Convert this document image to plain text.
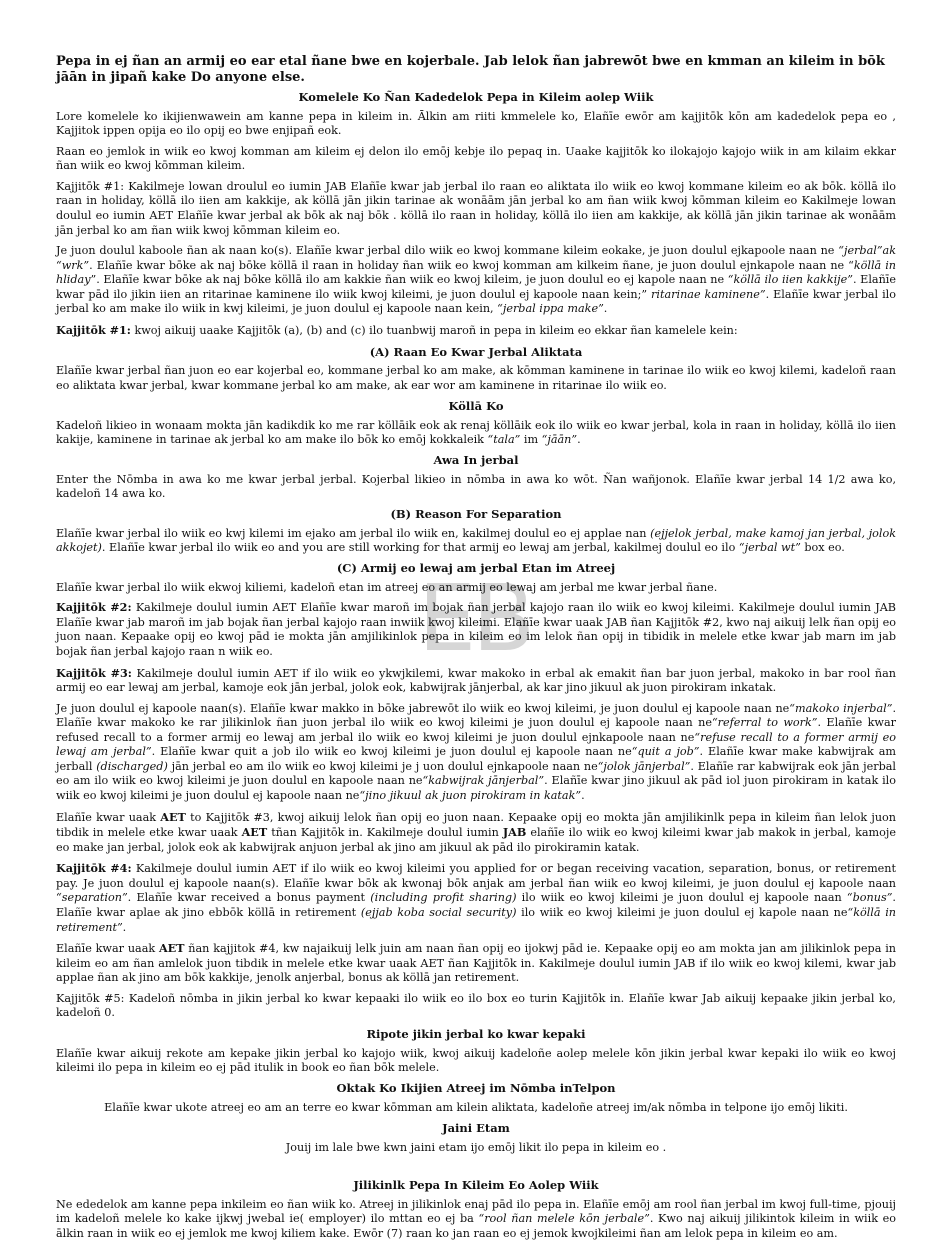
EB
Pepa in ej ñan an armij eo ear etal ñane bwe en kojerbale. Jab lelok ñan jabrewōt bwe en kmman an kileim in bōk jāān in jipañ kake Do anyone else.
Komelele Ko Ñan Kadedelok Pepa in Kileim aolep Wiik

Lore komelele ko ikijienwawein am kanne pepa in kileim in. Ālkin am riiti kmmelele ko, Elañīe ewōr am kajjitōk kōn am kadedelok pepa eo , Kajjitok ippen opija eo ilo opij eo bwe enjipañ eok.

Raan eo jemlok in wiik eo kwoj komman am kileim ej delon ilo emōj kebje ilo pepaq in. Uaake kajjitōk ko ilokajojo kajojo wiik in am kilaim ekkar ñan wiik eo kwoj kōmman kileim.

Kajjitōk #1: Kakilmeje lowan droulul eo iumin JAB Elañīe kwar jab jerbal ilo raan eo aliktata ilo wiik eo kwoj kommane kileim eo ak bōk. köllā ilo raan in holiday, köllā ilo iien am kakkije, ak köllā jān jikin tarinae ak wonāām jān jerbal ko am ñan wiik kwoj kōmman kileim eo Kakilmeje lowan doulul eo iumin AET Elañīe kwar jerbal ak bōk ak naj bōk . köllā ilo raan in holiday, köllā ilo iien am kakkije, ak köllā jān jikin tarinae ak wonāām jān jerbal ko am ñan wiik kwoj kōmman kileim eo.

Je juon doulul kaboole ñan ak naan ko(s). Elañīe kwar jerbal dilo wiik eo kwoj kommane kileim eokake, je juon doulul ejkapoole naan ne “jerbal”ak “wrk”. Elañīe kwar bōke ak naj bōke köllā il raan in holiday ñan wiik eo kwoj komman am kilkeim ñane, je juon doulul ejnkapole naan ne “köllā in hliday”. Elañīe kwar bōke ak naj bōke köllā ilo am kakkie ñan wiik eo kwoj kileim, je juon doulul eo ej kapole naan ne “köllā ilo iien kakkije”. Elañīe kwar pād ilo jikin iien an ritarinae kaminene ilo wiik kwoj kileimi, je juon doulul ej kapoole naan kein;” ritarinae kaminene”. Elañīe kwar jerbal ilo jerbal ko am make ilo wiik in kwj kileimi, je juon doulul ej kapoole naan kein, “jerbal ippa make”.

Kajjitōk #1: kwoj aikuij uaake Kajjitōk (a), (b) and (c) ilo tuanbwij maroñ in pepa in kileim eo ekkar ñan kamelele kein:

(A) Raan Eo Kwar Jerbal Aliktata

Elañīe kwar jerbal ñan juon eo ear kojerbal eo, kommane jerbal ko am make, ak kōmman kaminene in tarinae ilo wiik eo kwoj kilemi, kadeloñ raan eo aliktata kwar jerbal, kwar kommane jerbal ko am make, ak ear wor am kaminene in ritarinae ilo wiik eo.

Köllā Ko

Kadeloñ likieo in wonaam mokta jān kadikdik ko me rar köllāik eok ak renaj köllāik eok ilo wiik eo kwar jerbal, kola in raan in holiday, köllā ilo iien kakije, kaminene in tarinae ak jerbal ko am make ilo bōk ko emōj kokkaleik “tala” im “jāān”.

Awa In jerbal

Enter the Nōmba in awa ko me kwar jerbal jerbal. Kojerbal likieo in nōmba in awa ko wōt. Ñan wañjonok. Elañīe kwar jerbal 14 1/2 awa ko, kadeloñ 14 awa ko.

(B) Reason For Separation

Elañīe kwar jerbal ilo wiik eo kwj kilemi im ejako am jerbal ilo wiik en, kakilmej doulul eo ej applae nan (ejjelok jerbal, make kamoj jan jerbal, jolok akkojet). Elañīe kwar jerbal ilo wiik eo and you are still working for that armij eo lewaj am jerbal, kakilmej doulul eo ilo “jerbal wt” box eo.

(C) Armij eo lewaj am jerbal Etan im Atreej

Elañīe kwar jerbal ilo wiik ekwoj kiliemi, kadeloñ etan im atreej eo an armij eo lewaj am jerbal me kwar jerbal ñane.

Kajjitōk #2: Kakilmeje doulul iumin AET Elañīe kwar maroñ im bojak ñan jerbal kajojo raan ilo wiik eo kwoj kileimi. Kakilmeje doulul iumin JAB Elañīe kwar jab maroñ im jab bojak ñan jerbal kajojo raan inwiik kwoj kileimi. Elañīe kwar uaak JAB ñan Kajjitōk #2, kwo naj aikuij lelk ñan opij eo juon naan. Kepaake opij eo kwoj pād ie mokta jān amjilikinlok pepa in kileim eo im lelok ñan opij in tibidik in melele etke kwar jab marn im jab bojak ñan jerbal kajojo raan n wiik eo.

Kajjitōk #3: Kakilmeje doulul iumin AET if ilo wiik eo ykwjkilemi, kwar makoko in erbal ak emakit ñan bar juon jerbal, makoko in bar rool ñan armij eo ear lewaj am jerbal, kamoje eok jān jerbal, jolok eok, kabwijrak jānjerbal, ak kar jino jikuul ak juon pirokiram inkatak.

Je juon doulul ej kapoole naan(s). Elañīe kwar makko in bōke jabrewōt ilo wiik eo kwoj kileimi, je juon doulul ej kapoole naan ne“makoko injerbal”. Elañīe kwar makoko ke rar jilikinlok ñan juon jerbal ilo wiik eo kwoj kileimi je juon doulul ej kapoole naan ne“referral to work”. Elañīe kwar refused recall to a former armij eo lewaj am jerbal ilo wiik eo kwoj kileimi je juon doulul ejnkapoole naan ne“refuse recall to a former armij eo lewaj am jerbal”. Elañīe kwar quit a job ilo wiik eo kwoj kileimi je juon doulul ej kapoole naan ne“quit a job”. Elañīe kwar make kabwijrak am jerball (discharged) jān jerbal eo am ilo wiik eo kwoj kileimi je j uon doulul ejnkapoole naan ne“jolok jānjerbal”. Elañīe rar kabwijrak eok jān jerbal eo am ilo wiik eo kwoj kileimi je juon doulul en kapoole naan ne“kabwijrak jānjerbal”. Elañīe kwar jino jikuul ak pād iol juon pirokiram in katak ilo wiik eo kwoj kileimi je juon doulul ej kapoole naan ne“jino jikuul ak juon pirokiram in katak”.

Elañīe kwar uaak AET to Kajjitōk #3, kwoj aikuij lelok ñan opij eo juon naan. Kepaake opij eo mokta jān amjilikinlk pepa in kileim ñan lelok juon tibdik in melele etke kwar uaak AET tñan Kajjitōk in. Kakilmeje doulul iumin JAB elañīe ilo wiik eo kwoj kileimi kwar jab makok in jerbal, kamoje eo make jan jerbal, jolok eok ak kabwijrak anjuon jerbal ak jino am jikuul ak pād ilo pirokiramin katak.

Kajjitōk #4: Kakilmeje doulul iumin AET if ilo wiik eo kwoj kileimi you applied for or began receiving vacation, separation, bonus, or retirement pay. Je juon doulul ej kapoole naan(s). Elañīe kwar bōk ak kwonaj bōk anjak am jerbal ñan wiik eo kwoj kileimi, je juon doulul ej kapoole naan “separation”. Elañīe kwar received a bonus payment (including profit sharing) ilo wiik eo kwoj kileimi je juon doulul ej kapoole naan “bonus”. Elañīe kwar aplae ak jino ebbōk köllā in retirement (ejjab koba social security) ilo wiik eo kwoj kileimi je juon doulul ej kapole naan ne“köllā in retirement”.

Elañīe kwar uaak AET ñan kajjitok #4, kw najaikuij lelk juin am naan ñan opij eo ijokwj pād ie. Kepaake opij eo am mokta jan am jilikinlok pepa in kileim eo am ñan amlelok juon tibdik in melele etke kwar uaak AET ñan Kajjitōk in. Kakilmeje doulul iumin JAB if ilo wiik eo kwoj kilemi, kwar jab applae ñan ak jino am bōk kakkije, jenolk anjerbal, bonus ak köllā jan retirement.

Kajjitōk #5: Kadeloñ nōmba in jikin jerbal ko kwar kepaaki ilo wiik eo ilo box eo turin Kajjitōk in. Elañīe kwar Jab aikuij kepaake jikin jerbal ko, kadeloñ 0.

Ripote jikin jerbal ko kwar kepaki

Elañīe kwar aikuij rekote am kepake jikin jerbal ko kajojo wiik, kwoj aikuij kadeloñe aolep melele kōn jikin jerbal kwar kepaki ilo wiik eo kwoj kileimi ilo pepa in kileim eo ej pād itulik in book eo ñan bōk melele.

Oktak Ko Ikijien Atreej im Nōmba inTelpon
Elañīe kwar ukote atreej eo am an terre eo kwar kōmman am kilein aliktata, kadeloñe atreej im/ak nōmba in telpone ijo emōj likiti.
Jaini Etam
Jouij im lale bwe kwn jaini etam ijo emōj likit ilo pepa in kileim eo .
Jilikinlk Pepa In Kileim Eo Aolep Wiik

Ne ededelok am kanne pepa inkileim eo ñan wiik ko. Atreej in jilikinlok enaj pād ilo pepa in. Elañīe emōj am rool ñan jerbal im kwoj full-time, pjouij im kadeloñ melele ko kake ijkwj jwebal ie( employer) ilo mttan eo ej ba “rool ñan melele kōn jerbale”. Kwo naj aikuij jilikintok kileim in wiik eo ālkin raan in wiik eo ej jemlok me kwoj kiliem kake. Ewōr (7) raan ko jan raan eo ej jemok kwojkileimi ñan am lelok pepa in kileim eo am.
